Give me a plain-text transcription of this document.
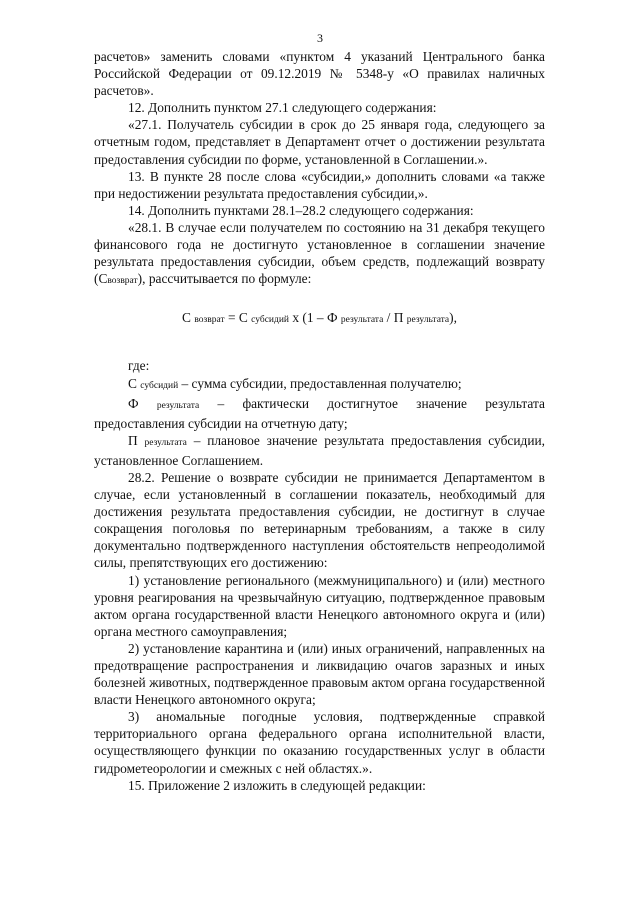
3

расчетов» заменить словами «пунктом 4 указаний Центрального банка Российской Федерации от 09.12.2019 № 5348-у «О правилах наличных расчетов».

12. Дополнить пунктом 27.1 следующего содержания:

«27.1. Получатель субсидии в срок до 25 января года, следующего за отчетным годом, представляет в Департамент отчет о достижении результата предоставления субсидии по форме, установленной в Соглашении.».

13. В пункте 28 после слова «субсидии,» дополнить словами «а также при недостижении результата предоставления субсидии,».

14. Дополнить пунктами 28.1–28.2 следующего содержания:

«28.1. В случае если получателем по состоянию на 31 декабря текущего финансового года не достигнуто установленное в соглашении значение результата предоставления субсидии, объем средств, подлежащий возврату (Свозврат), рассчитывается по формуле:

С возврат = С субсидий x (1 – Ф результата / П результата),

где:

С субсидий – сумма субсидии, предоставленная получателю;

Ф результата – фактически достигнутое значение результата предоставления субсидии на отчетную дату;

П результата – плановое значение результата предоставления субсидии, установленное Соглашением.

28.2. Решение о возврате субсидии не принимается Департаментом в случае, если установленный в соглашении показатель, необходимый для достижения результата предоставления субсидии, не достигнут в случае сокращения поголовья по ветеринарным требованиям, а также в силу документально подтвержденного наступления обстоятельств непреодолимой силы, препятствующих его достижению:

1) установление регионального (межмуниципального) и (или) местного уровня реагирования на чрезвычайную ситуацию, подтвержденное правовым актом органа государственной власти Ненецкого автономного округа и (или) органа местного самоуправления;

2) установление карантина и (или) иных ограничений, направленных на предотвращение распространения и ликвидацию очагов заразных и иных болезней животных, подтвержденное правовым актом органа государственной власти Ненецкого автономного округа;

3) аномальные погодные условия, подтвержденные справкой территориального органа федерального органа исполнительной власти, осуществляющего функции по оказанию государственных услуг в области гидрометеорологии и смежных с ней областях.».

15. Приложение 2 изложить в следующей редакции:
